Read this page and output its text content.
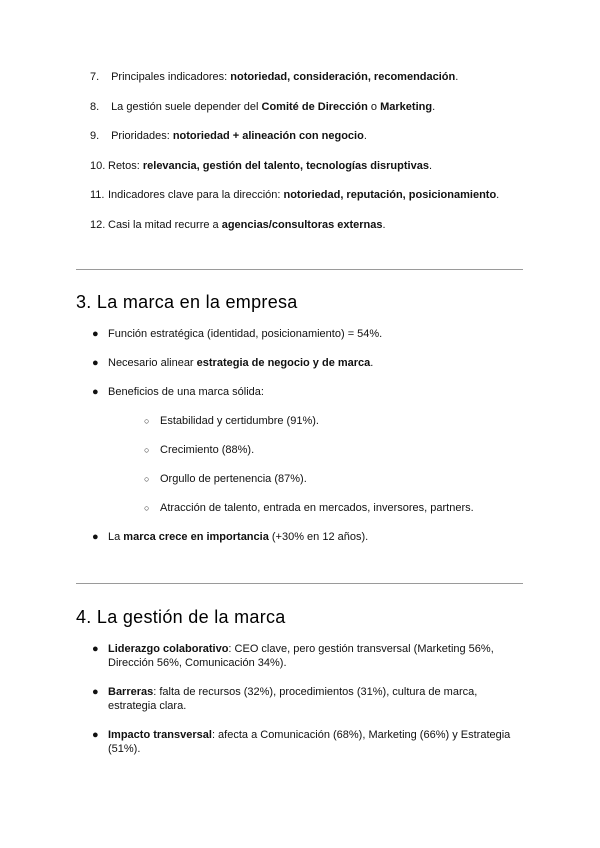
7. Principales indicadores: notoriedad, consideración, recomendación.
8. La gestión suele depender del Comité de Dirección o Marketing.
9. Prioridades: notoriedad + alineación con negocio.
10. Retos: relevancia, gestión del talento, tecnologías disruptivas.
11. Indicadores clave para la dirección: notoriedad, reputación, posicionamiento.
12. Casi la mitad recurre a agencias/consultoras externas.
3. La marca en la empresa
● Función estratégica (identidad, posicionamiento) = 54%.
● Necesario alinear estrategia de negocio y de marca.
● Beneficios de una marca sólida:
○ Estabilidad y certidumbre (91%).
○ Crecimiento (88%).
○ Orgullo de pertenencia (87%).
○ Atracción de talento, entrada en mercados, inversores, partners.
● La marca crece en importancia (+30% en 12 años).
4. La gestión de la marca
● Liderazgo colaborativo: CEO clave, pero gestión transversal (Marketing 56%, Dirección 56%, Comunicación 34%).
● Barreras: falta de recursos (32%), procedimientos (31%), cultura de marca, estrategia clara.
● Impacto transversal: afecta a Comunicación (68%), Marketing (66%) y Estrategia (51%).
